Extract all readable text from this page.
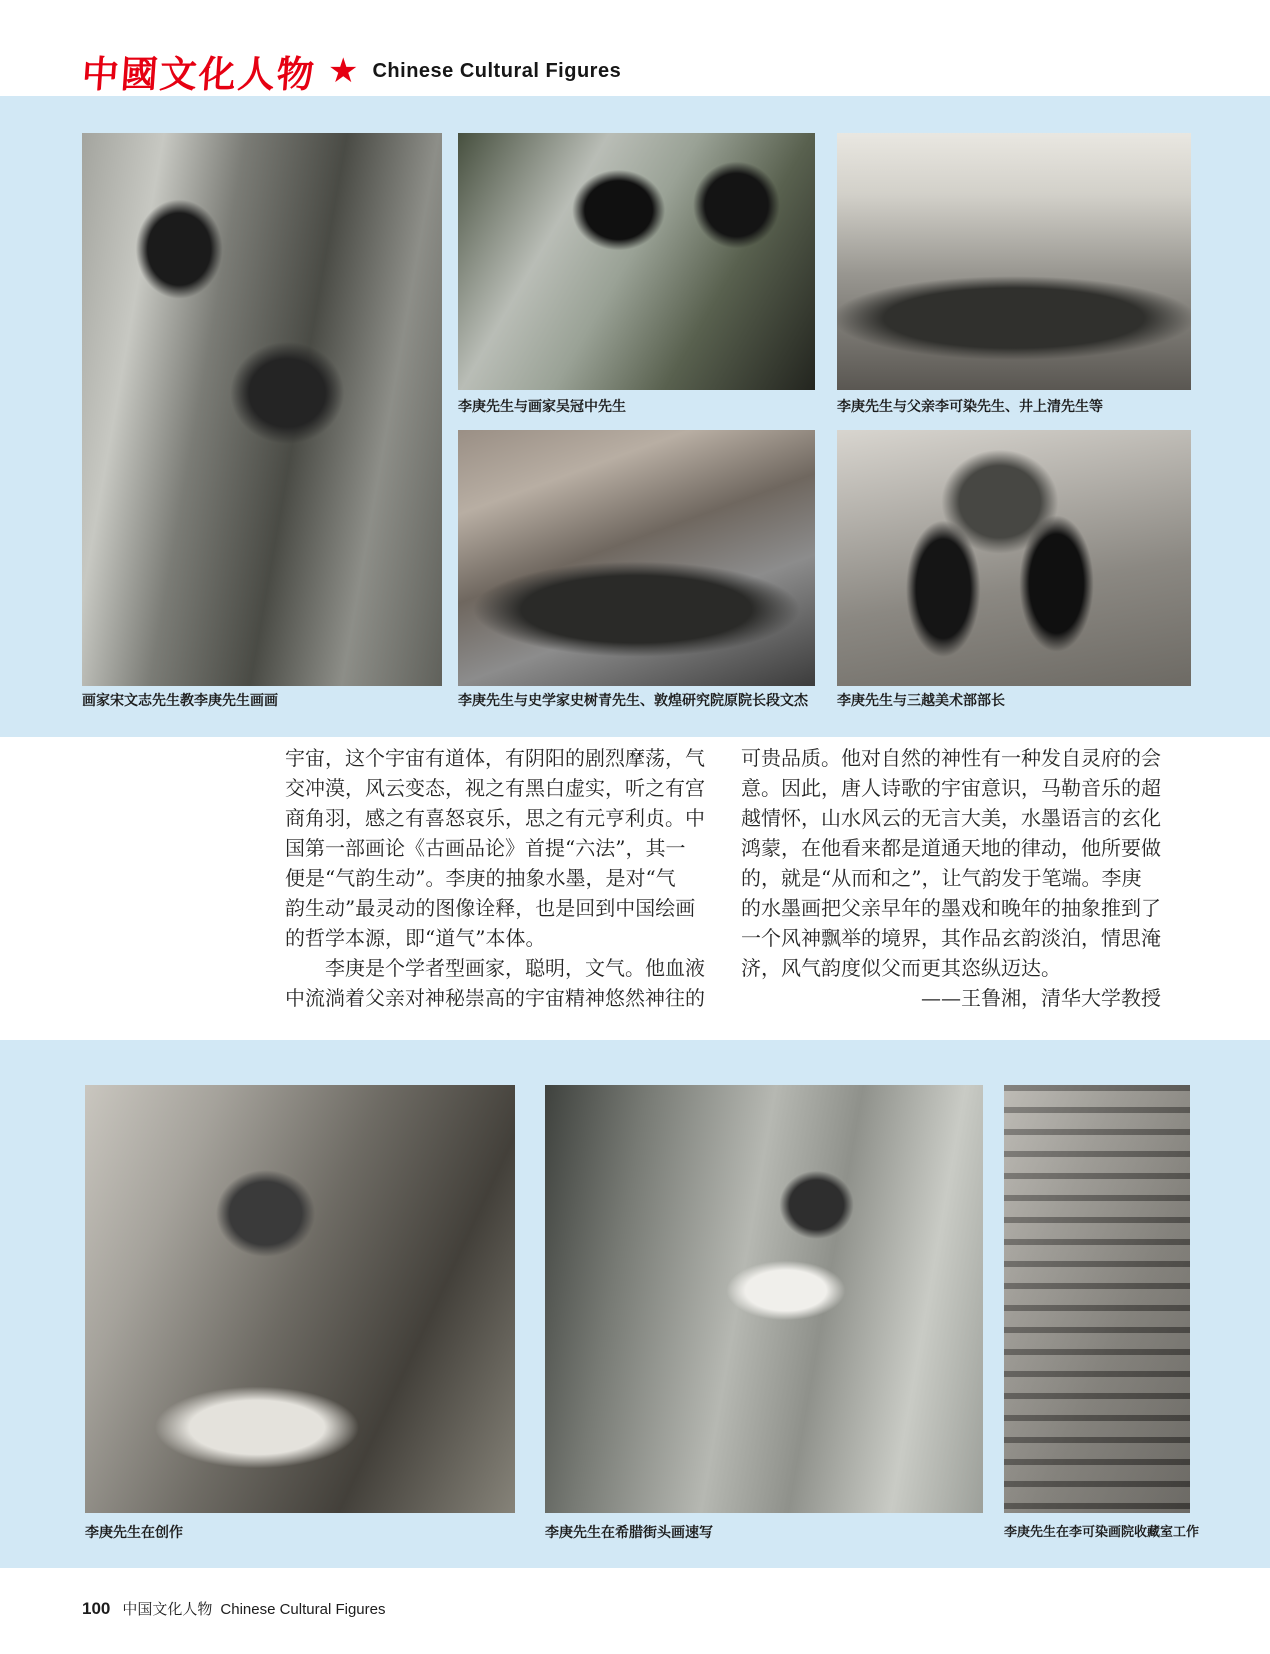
中國文化人物 ★ Chinese Cultural Figures
画家宋文志先生教李庚先生画画
李庚先生与画家吴冠中先生	李庚先生与父亲李可染先生、井上清先生等
李庚先生与史学家史树青先生、敦煌研究院原院长段文杰 李庚先生与三越美术部部长
宇宙，这个宇宙有道体，有阴阳的剧烈摩荡，气
交冲漠，风云变态，视之有黑白虚实，听之有宫
商角羽，感之有喜怒哀乐，思之有元亨利贞。中
国第一部画论《古画品论》首提“六法”，其一
便是“气韵生动”。李庚的抽象水墨，是对“气
韵生动”最灵动的图像诠释，也是回到中国绘画
的哲学本源，即“道气”本体。
　　李庚是个学者型画家，聪明，文气。他血液
中流淌着父亲对神秘崇高的宇宙精神悠然神往的
可贵品质。他对自然的神性有一种发自灵府的会
意。因此，唐人诗歌的宇宙意识，马勒音乐的超
越情怀，山水风云的无言大美，水墨语言的玄化
鸿蒙，在他看来都是道通天地的律动，他所要做
的，就是“从而和之”，让气韵发于笔端。李庚
的水墨画把父亲早年的墨戏和晚年的抽象推到了
一个风神飘举的境界，其作品玄韵淡泊，情思淹
济，风气韵度似父而更其恣纵迈达。
——王鲁湘，清华大学教授
李庚先生在创作	李庚先生在希腊街头画速写	李庚先生在李可染画院收藏室工作
100 中国文化人物 Chinese Cultural Figures
